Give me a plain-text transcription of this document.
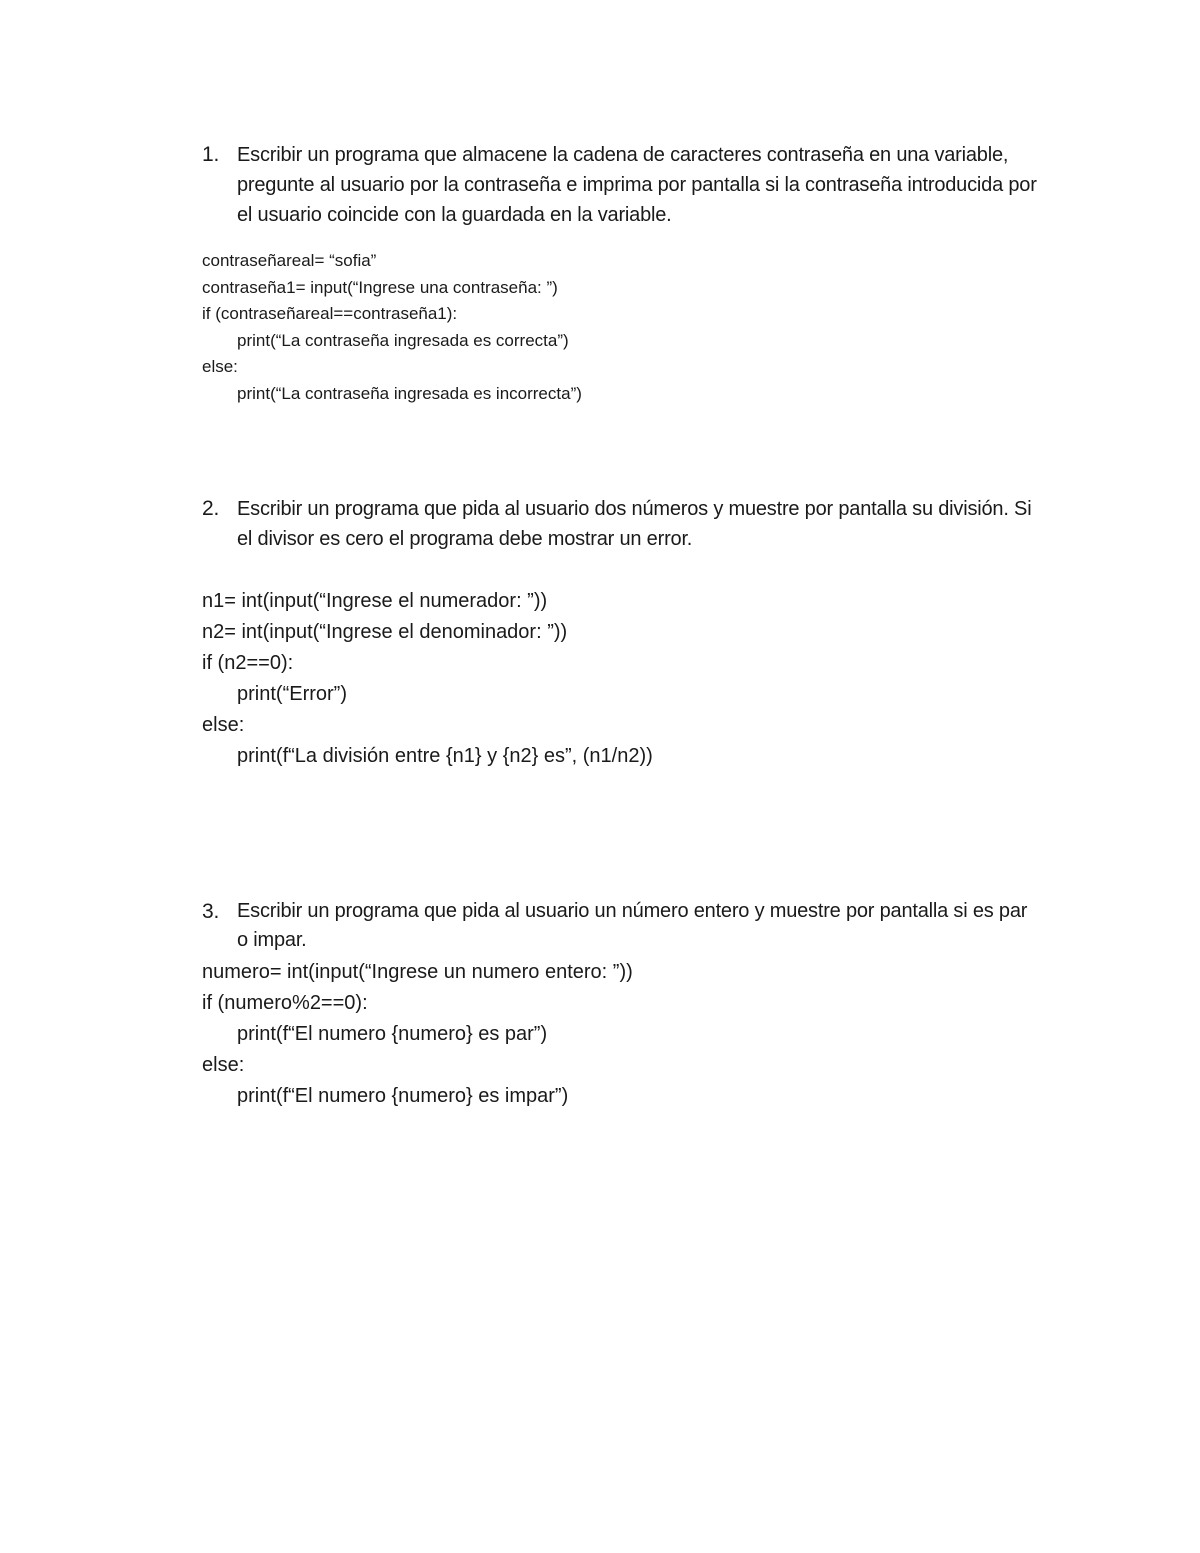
1. Escribir un programa que almacene la cadena de caracteres contraseña en una variable, pregunte al usuario por la contraseña e imprima por pantalla si la contraseña introducida por el usuario coincide con la guardada en la variable.
contraseñareal= “sofia”
contraseña1= input(“Ingrese una contraseña: ”)
if (contraseñareal==contraseña1):
print(“La contraseña ingresada es correcta”)
else:
print(“La contraseña ingresada es incorrecta”)
2. Escribir un programa que pida al usuario dos números y muestre por pantalla su división. Si el divisor es cero el programa debe mostrar un error.
n1= int(input(“Ingrese el numerador: ”))
n2= int(input(“Ingrese el denominador: ”))
if (n2==0):
print(“Error”)
else:
print(f“La división entre {n1} y {n2} es”, (n1/n2))
3. Escribir un programa que pida al usuario un número entero y muestre por pantalla si es par o impar.
numero= int(input(“Ingrese un numero entero: ”))
if (numero%2==0):
print(f“El numero {numero} es par”)
else:
print(f“El numero {numero} es impar”)
